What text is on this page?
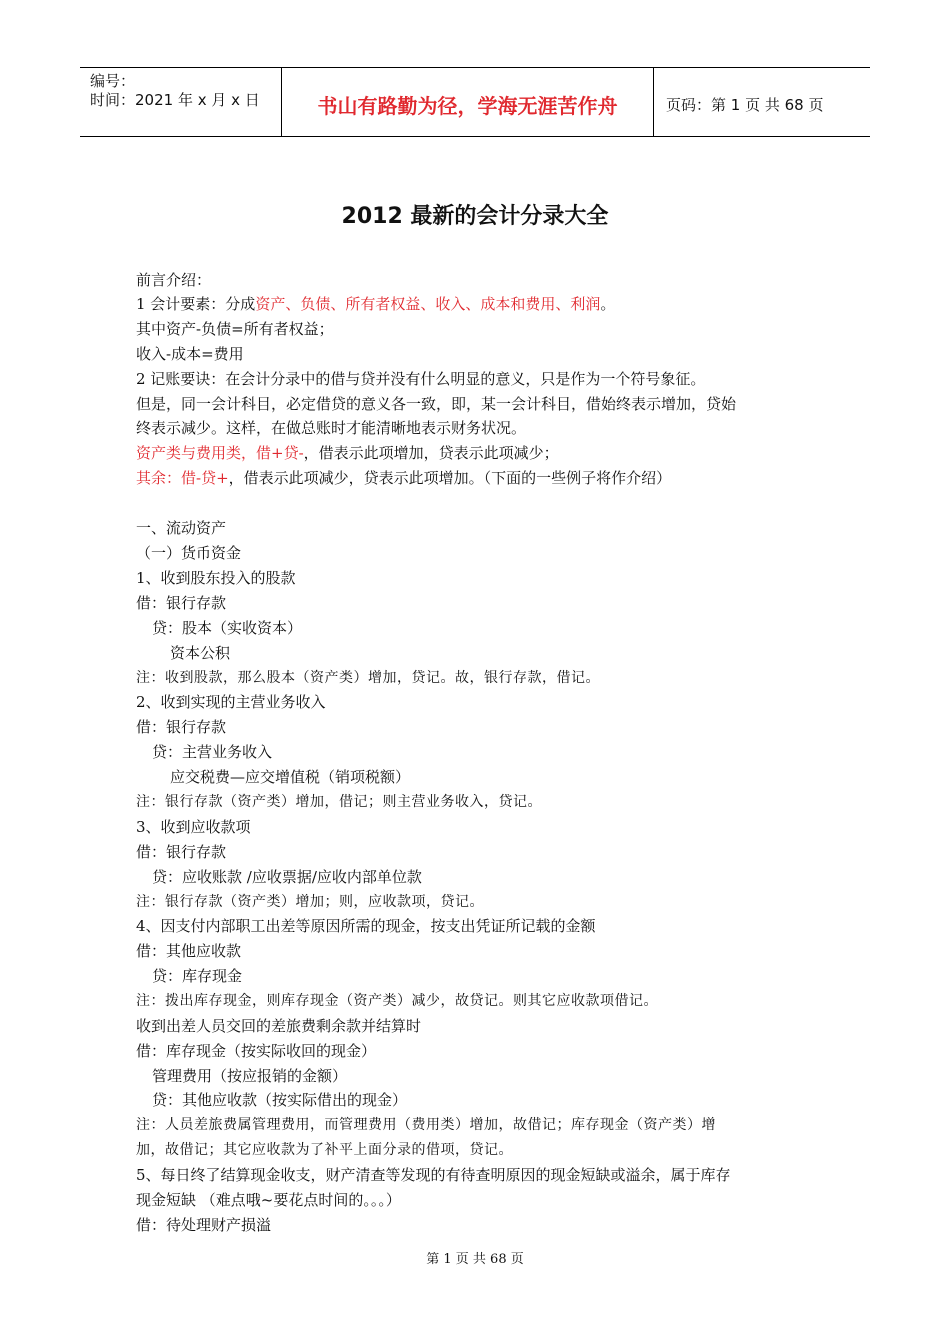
编号：
时间：2021 年 x 月 x 日	书山有路勤为径，学海无涯苦作舟	页码：第 1 页 共 68 页
2012 最新的会计分录大全
前言介绍：
1 会计要素：分成资产、负债、所有者权益、收入、成本和费用、利润。
其中资产-负债=所有者权益；
收入-成本=费用
2 记账要诀：在会计分录中的借与贷并没有什么明显的意义，只是作为一个符号象征。
但是，同一会计科目，必定借贷的意义各一致，即，某一会计科目，借始终表示增加，贷始
终表示减少。这样，在做总账时才能清晰地表示财务状况。
资产类与费用类，借+贷-，借表示此项增加，贷表示此项减少；
其余：借-贷+，借表示此项减少，贷表示此项增加。（下面的一些例子将作介绍）
一、流动资产
（一）货币资金
1、收到股东投入的股款
借：银行存款
贷：股本（实收资本）
资本公积
注：收到股款，那么股本（资产类）增加，贷记。故，银行存款，借记。
2、收到实现的主营业务收入
借：银行存款
贷：主营业务收入
应交税费—应交增值税（销项税额）
注：银行存款（资产类）增加，借记；则主营业务收入，贷记。
3、收到应收款项
借：银行存款
贷：应收账款 /应收票据/应收内部单位款
注：银行存款（资产类）增加；则，应收款项，贷记。
4、因支付内部职工出差等原因所需的现金，按支出凭证所记载的金额
借：其他应收款
贷：库存现金
注：拨出库存现金，则库存现金（资产类）减少，故贷记。则其它应收款项借记。
收到出差人员交回的差旅费剩余款并结算时
借：库存现金（按实际收回的现金）
管理费用（按应报销的金额）
贷：其他应收款（按实际借出的现金）
注：人员差旅费属管理费用，而管理费用（费用类）增加，故借记；库存现金（资产类）增
加，故借记；其它应收款为了补平上面分录的借项，贷记。
5、每日终了结算现金收支，财产清查等发现的有待查明原因的现金短缺或溢余，属于库存
现金短缺 （难点哦~要花点时间的。。。）
借：待处理财产损溢
第 1 页 共 68 页
